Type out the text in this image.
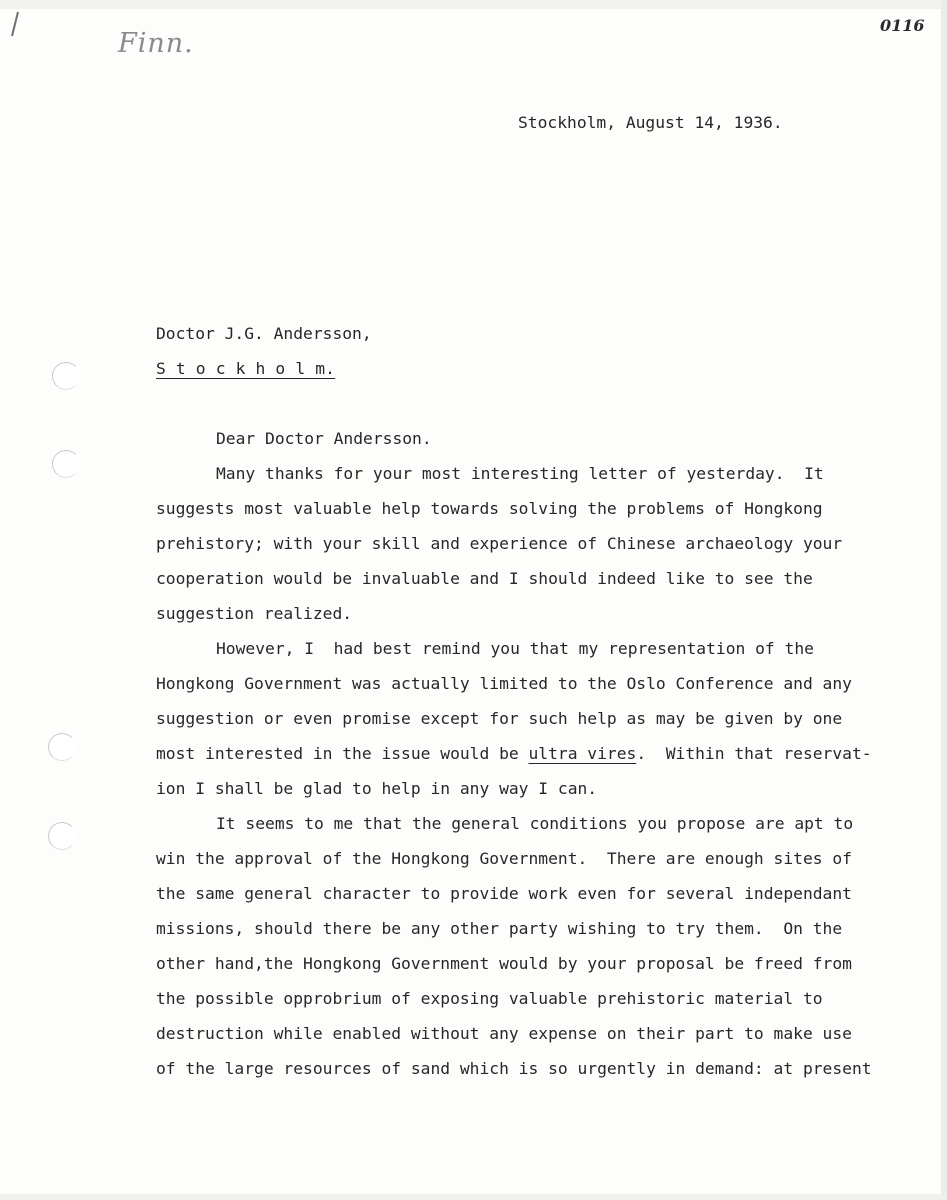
Finn.
0116
Stockholm, August 14, 1936.
Doctor J.G. Andersson,
S t o c k h o l m.
Dear Doctor Andersson.
Many thanks for your most interesting letter of yesterday.  It
suggests most valuable help towards solving the problems of Hongkong
prehistory; with your skill and experience of Chinese archaeology your
cooperation would be invaluable and I should indeed like to see the
suggestion realized.
However, I  had best remind you that my representation of the
Hongkong Government was actually limited to the Oslo Conference and any
suggestion or even promise except for such help as may be given by one
most interested in the issue would be ultra vires.  Within that reservat-
ion I shall be glad to help in any way I can.
It seems to me that the general conditions you propose are apt to
win the approval of the Hongkong Government.  There are enough sites of
the same general character to provide work even for several independant
missions, should there be any other party wishing to try them.  On the
other hand,the Hongkong Government would by your proposal be freed from
the possible opprobrium of exposing valuable prehistoric material to
destruction while enabled without any expense on their part to make use
of the large resources of sand which is so urgently in demand: at present
